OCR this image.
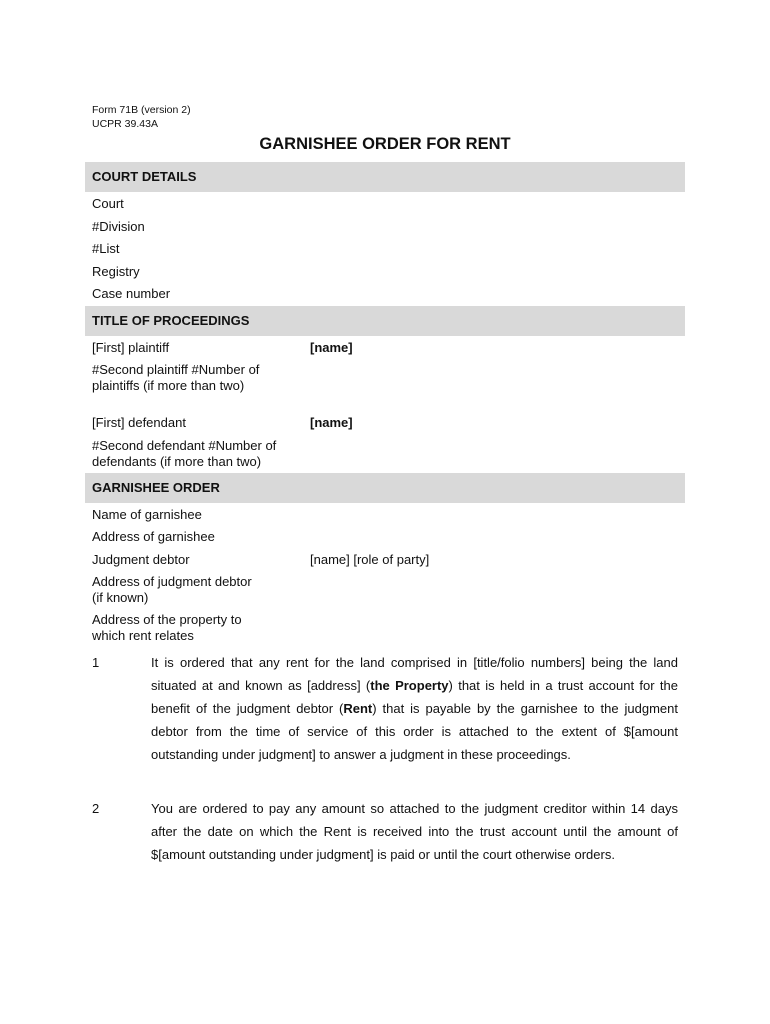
Form 71B (version 2)
UCPR 39.43A
GARNISHEE ORDER FOR RENT
COURT DETAILS
Court
#Division
#List
Registry
Case number
TITLE OF PROCEEDINGS
[First] plaintiff	[name]
#Second plaintiff #Number of
plaintiffs (if more than two)
[First] defendant	[name]
#Second defendant #Number of
defendants (if more than two)
GARNISHEE ORDER
Name of garnishee
Address of garnishee
Judgment debtor	[name] [role of party]
Address of judgment debtor
(if known)
Address of the property to
which rent relates
1	It is ordered that any rent for the land comprised in [title/folio numbers] being the land situated at and known as [address] (the Property) that is held in a trust account for the benefit of the judgment debtor (Rent) that is payable by the garnishee to the judgment debtor from the time of service of this order is attached to the extent of $[amount outstanding under judgment] to answer a judgment in these proceedings.
2	You are ordered to pay any amount so attached to the judgment creditor within 14 days after the date on which the Rent is received into the trust account until the amount of $[amount outstanding under judgment] is paid or until the court otherwise orders.
